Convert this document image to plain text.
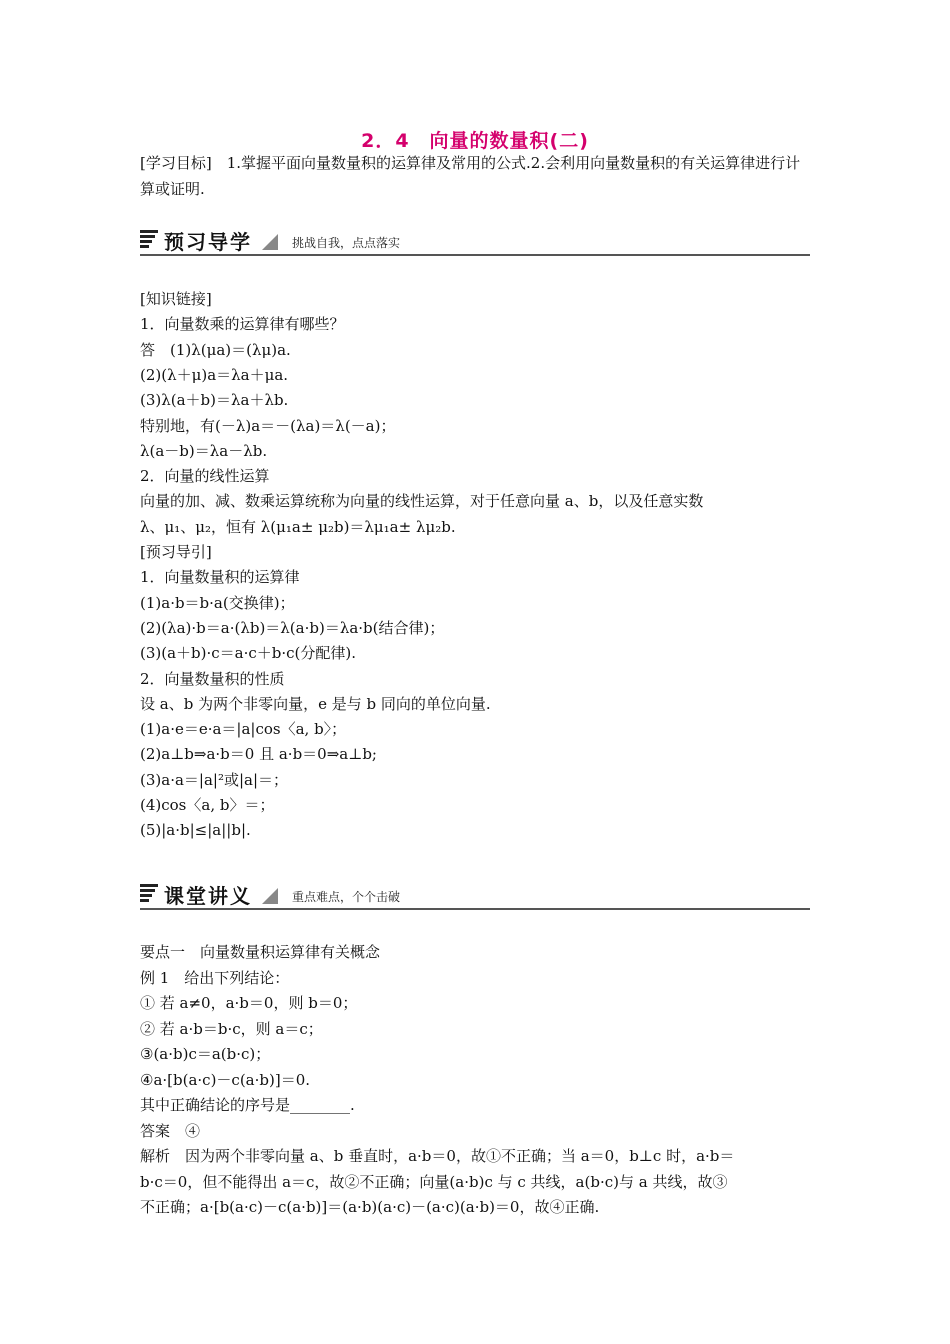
2．4　向量的数量积(二)
[学习目标]　1.掌握平面向量数量积的运算律及常用的公式.2.会利用向量数量积的有关运算律进行计算或证明.
预习导学	挑战自我，点点落实
[知识链接]
1．向量数乘的运算律有哪些？
答　(1)λ(μa)＝(λμ)a.
(2)(λ＋μ)a＝λa＋μa.
(3)λ(a＋b)＝λa＋λb.
特别地，有(－λ)a＝－(λa)＝λ(－a)；
λ(a－b)＝λa－λb.
2．向量的线性运算
向量的加、减、数乘运算统称为向量的线性运算，对于任意向量 a、b，以及任意实数
λ、μ₁、μ₂，恒有 λ(μ₁a± μ₂b)＝λμ₁a± λμ₂b.
[预习导引]
1．向量数量积的运算律
(1)a·b＝b·a(交换律)；
(2)(λa)·b＝a·(λb)＝λ(a·b)＝λa·b(结合律)；
(3)(a＋b)·c＝a·c＋b·c(分配律).
2．向量数量积的性质
设 a、b 为两个非零向量，e 是与 b 同向的单位向量.
(1)a·e＝e·a＝|a|cos〈a, b〉；
(2)a⊥b⇒a·b＝0 且 a·b＝0⇒a⊥b;
(3)a·a＝|a|²或|a|＝；
(4)cos〈a, b〉＝；
(5)|a·b|≤|a||b|.
课堂讲义	重点难点，个个击破
要点一　向量数量积运算律有关概念
例 1　给出下列结论：
① 若 a≠0，a·b＝0，则 b＝0；
② 若 a·b＝b·c，则 a＝c；
③(a·b)c＝a(b·c)；
④a·[b(a·c)－c(a·b)]＝0.
其中正确结论的序号是________.
答案　④
解析　因为两个非零向量 a、b 垂直时，a·b＝0，故①不正确；当 a＝0，b⊥c 时，a·b＝
b·c＝0，但不能得出 a＝c，故②不正确；向量(a·b)c 与 c 共线，a(b·c)与 a 共线，故③
不正确；a·[b(a·c)－c(a·b)]＝(a·b)(a·c)－(a·c)(a·b)＝0，故④正确.
